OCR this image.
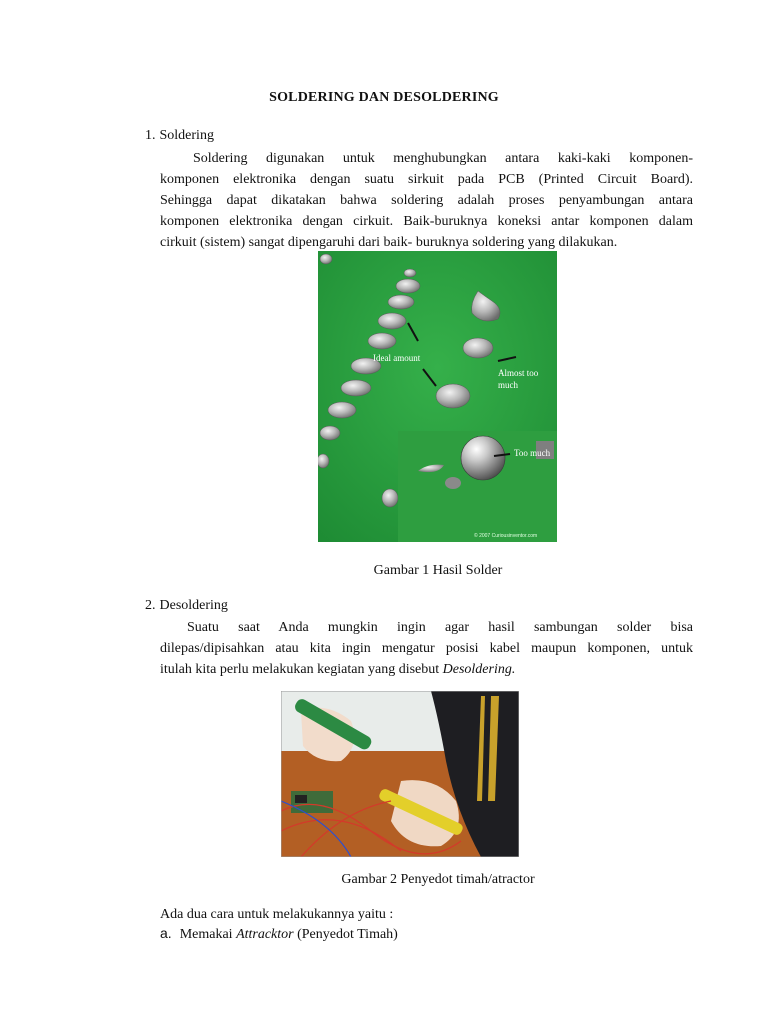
SOLDERING DAN DESOLDERING
1. Soldering
Soldering digunakan untuk menghubungkan antara kaki-kaki komponen-
komponen elektronika dengan suatu sirkuit pada PCB (Printed Circuit Board).
Sehingga dapat dikatakan bahwa soldering adalah proses penyambungan antara
komponen elektronika dengan cirkuit. Baik-buruknya koneksi antar komponen dalam
cirkuit (sistem) sangat dipengaruhi dari baik- buruknya soldering yang dilakukan.
Ideal amount
Almost too
much
Too much
© 2007 Curiousinventor.com
Gambar 1 Hasil Solder
2. Desoldering
Suatu saat Anda mungkin ingin agar hasil sambungan solder bisa
dilepas/dipisahkan atau kita ingin mengatur posisi kabel maupun komponen, untuk
itulah kita perlu melakukan kegiatan yang disebut Desoldering.
Gambar 2 Penyedot timah/atractor
Ada dua cara untuk melakukannya yaitu :
a. Memakai Attracktor (Penyedot Timah)
